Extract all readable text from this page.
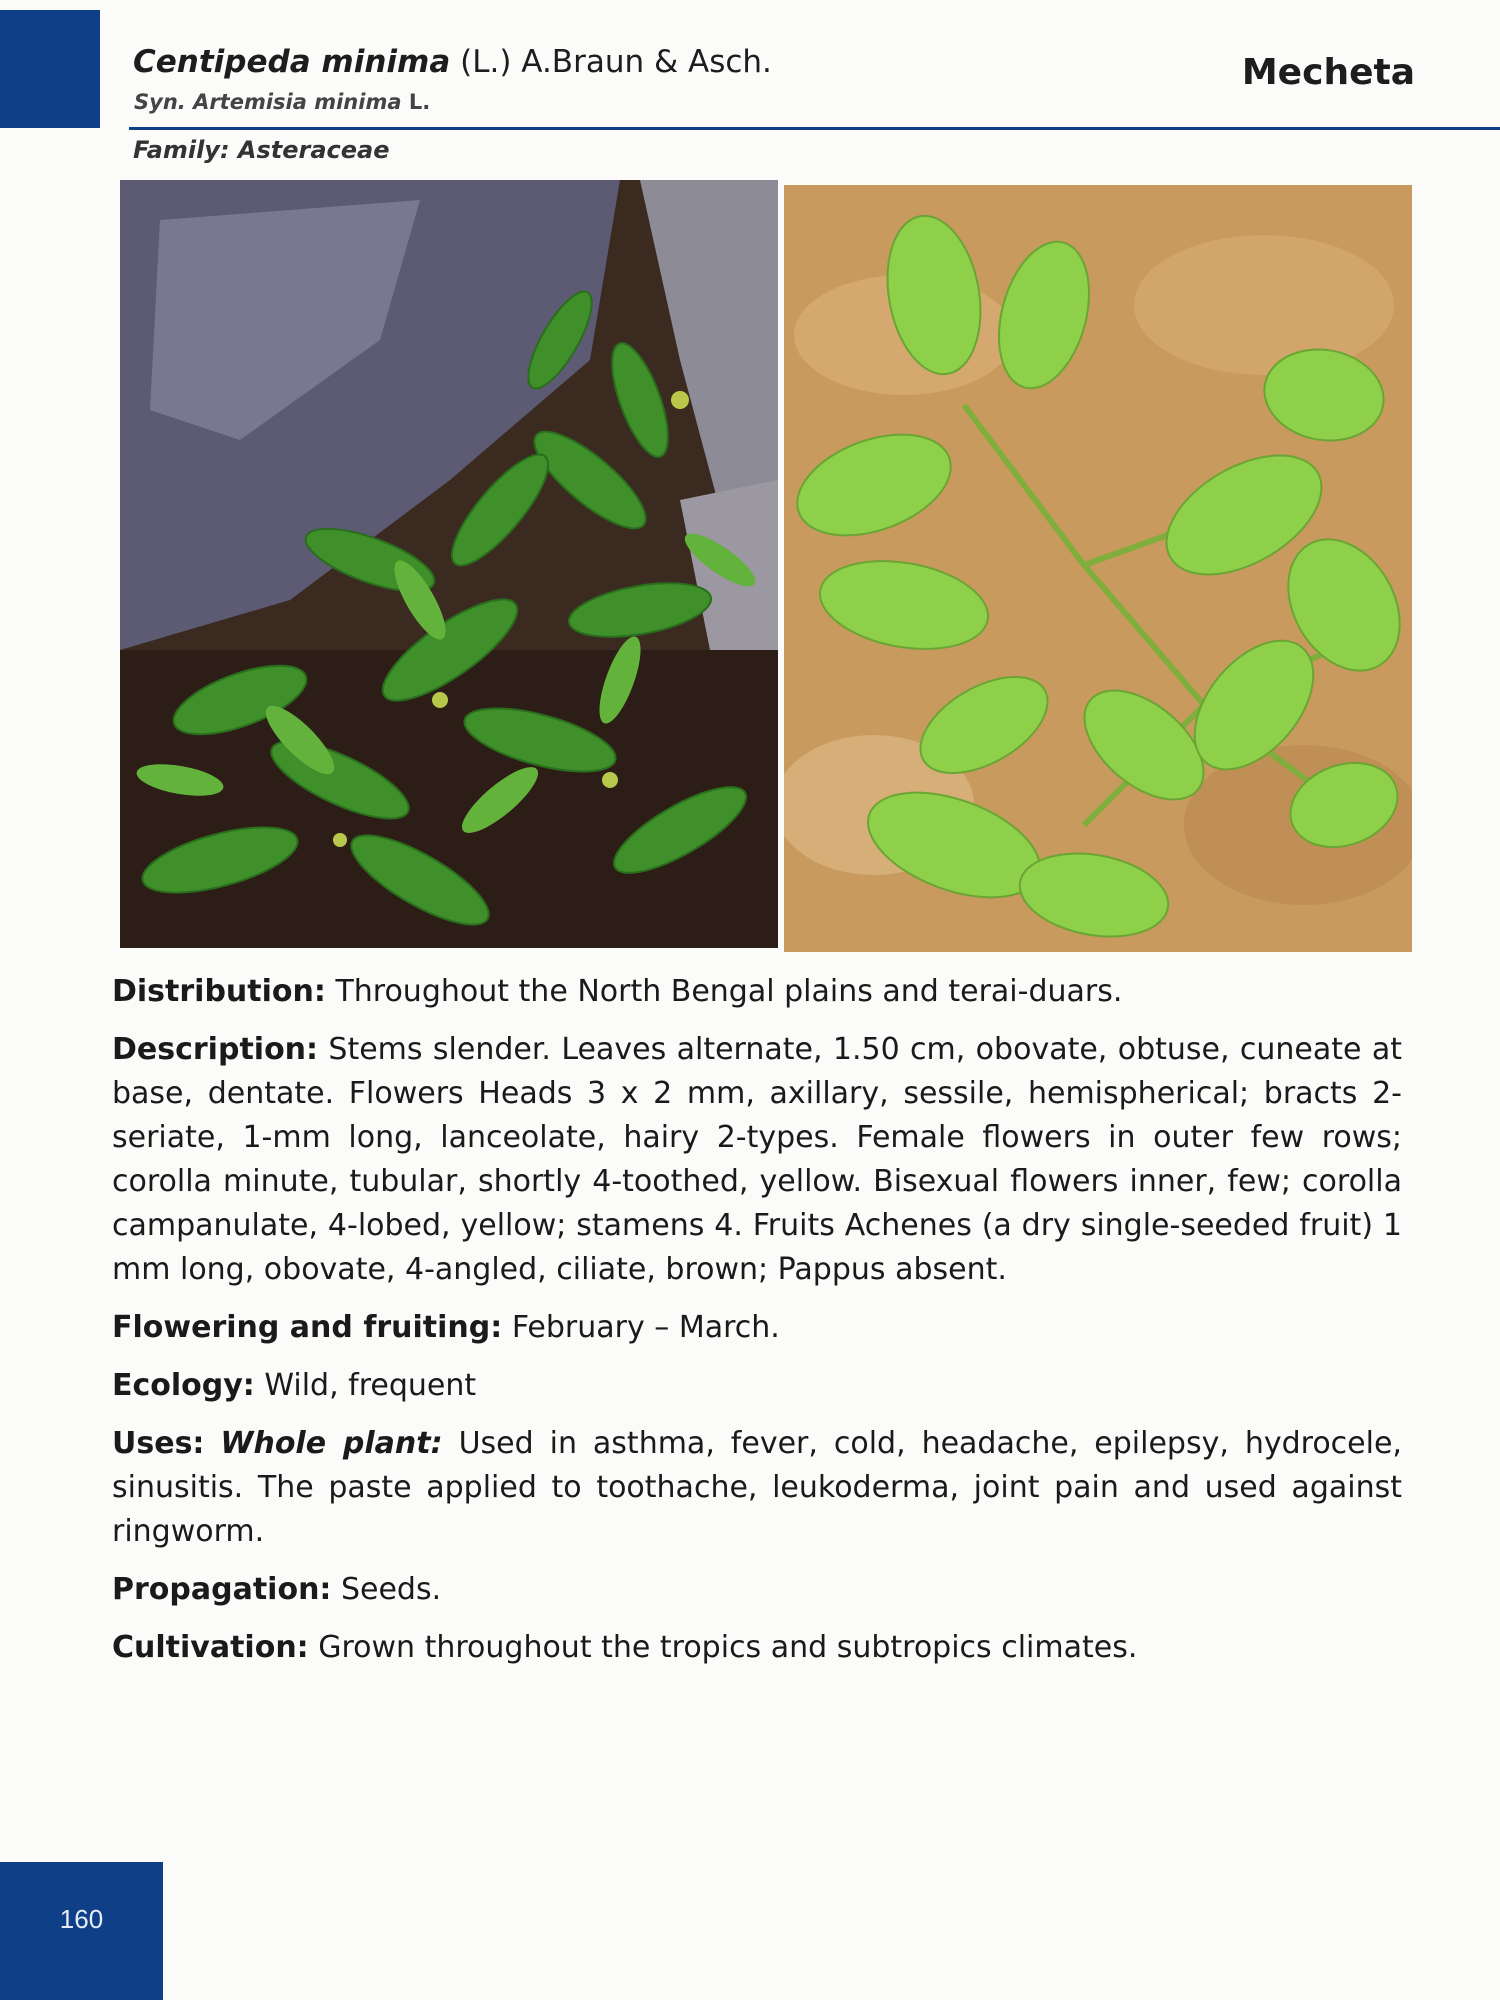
Centipeda minima (L.) A.Braun & Asch.
Syn. Artemisia minima L.
Mecheta
Family: Asteraceae

Distribution: Throughout the North Bengal plains and terai-duars.

Description: Stems slender. Leaves alternate, 1.50 cm, obovate, obtuse, cuneate at base, dentate. Flowers Heads 3 x 2 mm, axillary, sessile, hemispherical; bracts 2-seriate, 1-mm long, lanceolate, hairy 2-types. Female flowers in outer few rows; corolla minute, tubular, shortly 4-toothed, yellow. Bisexual flowers inner, few; corolla campanulate, 4-lobed, yellow; stamens 4. Fruits Achenes (a dry single-seeded fruit) 1 mm long, obovate, 4-angled, ciliate, brown; Pappus absent.

Flowering and fruiting: February – March.

Ecology: Wild, frequent

Uses: Whole plant: Used in asthma, fever, cold, headache, epilepsy, hydrocele, sinusitis. The paste applied to toothache, leukoderma, joint pain and used against ringworm.

Propagation: Seeds.

Cultivation: Grown throughout the tropics and subtropics climates.

160
